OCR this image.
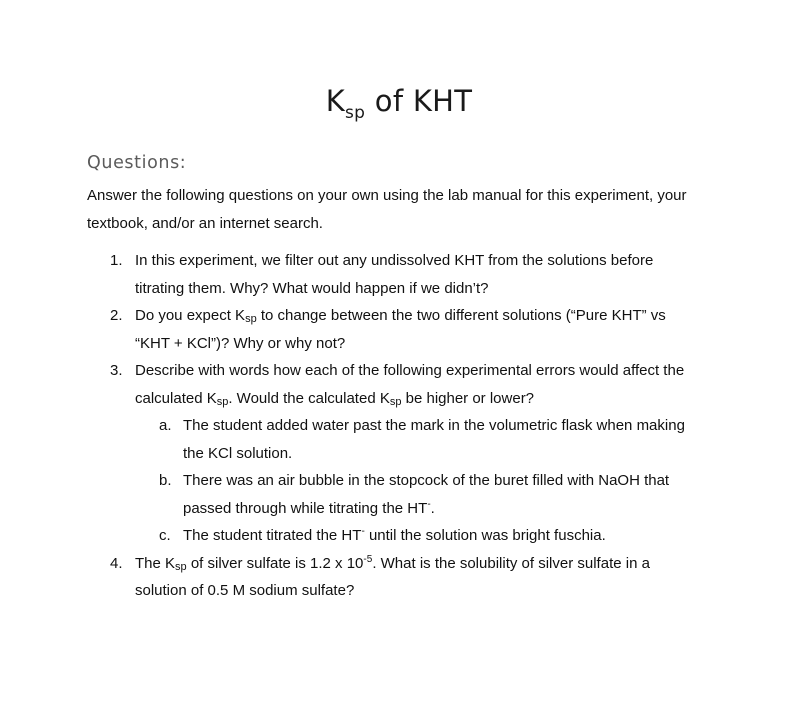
$K_{sp}$ of KHT
Questions:

Answer the following questions on your own using the lab manual for this experiment, your textbook, and/or an internet search.

1. In this experiment, we filter out any undissolved KHT from the solutions before titrating them. Why? What would happen if we didn’t?
2. Do you expect Ksp to change between the two different solutions (“Pure KHT” vs “KHT + KCl”)? Why or why not?
3. Describe with words how each of the following experimental errors would affect the calculated Ksp. Would the calculated Ksp be higher or lower?
a. The student added water past the mark in the volumetric flask when making the KCl solution.
b. There was an air bubble in the stopcock of the buret filled with NaOH that passed through while titrating the HT-.
c. The student titrated the HT- until the solution was bright fuschia.
4. The Ksp of silver sulfate is 1.2 x $10^{-5}$. What is the solubility of silver sulfate in a solution of 0.5 M sodium sulfate?
